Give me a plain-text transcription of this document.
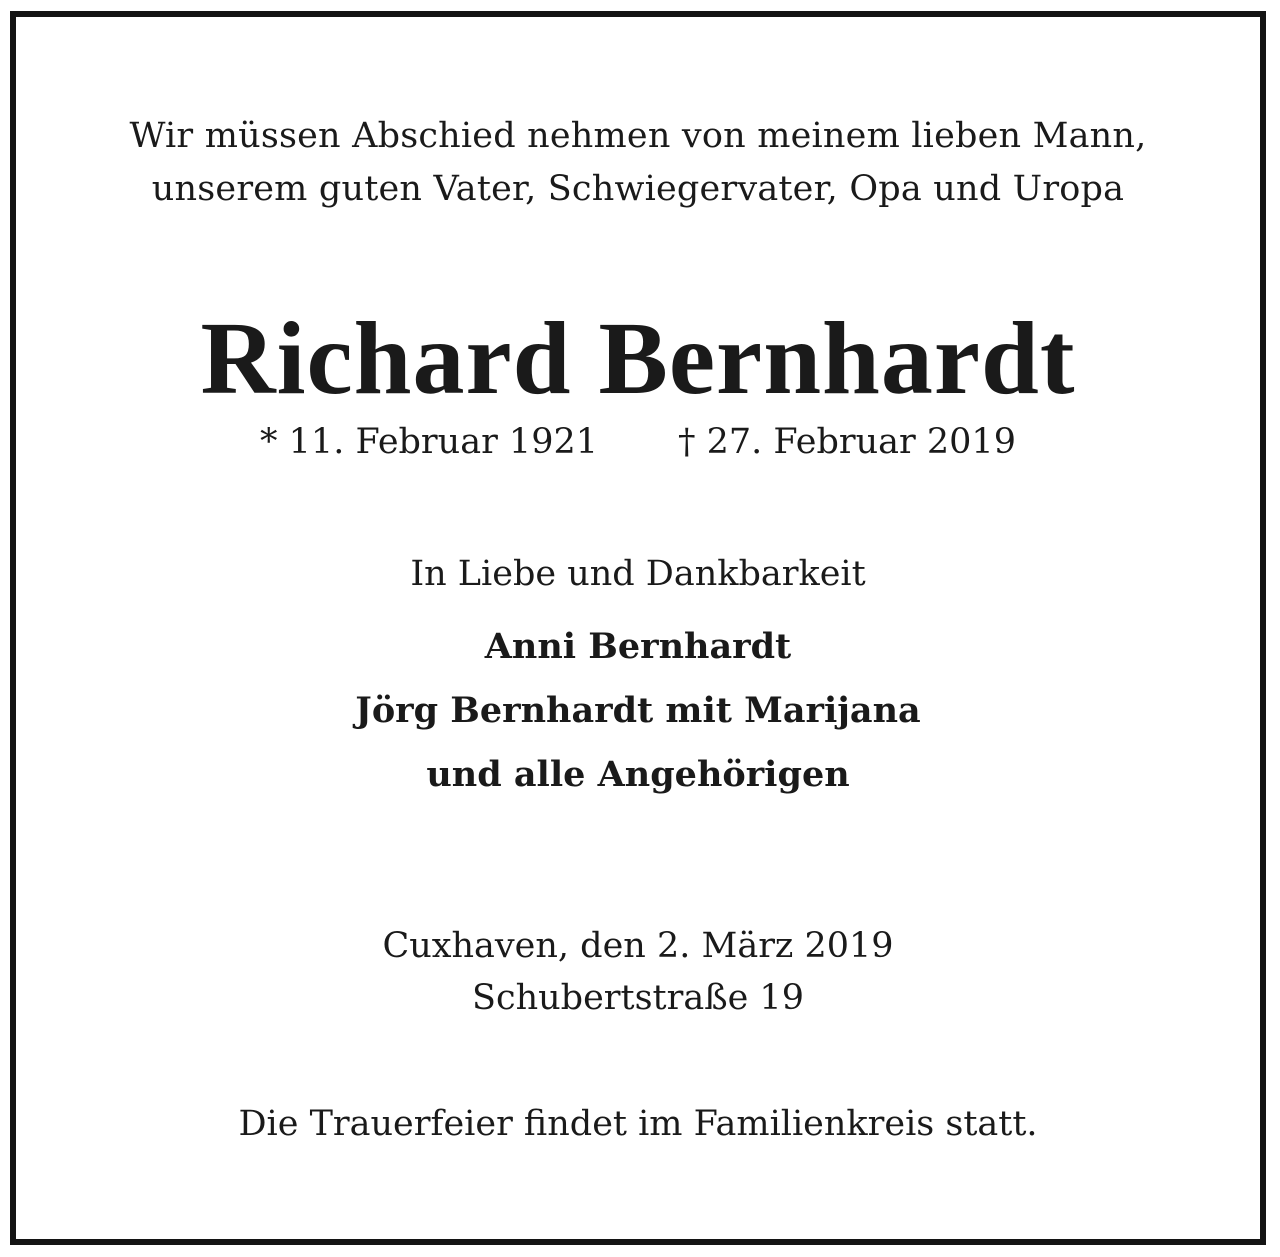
Wir müssen Abschied nehmen von meinem lieben Mann,
unserem guten Vater, Schwiegervater, Opa und Uropa
Richard Bernhardt
* 11. Februar 1921 † 27. Februar 2019
In Liebe und Dankbarkeit
Anni Bernhardt
Jörg Bernhardt mit Marijana
und alle Angehörigen
Cuxhaven, den 2. März 2019
Schubertstraße 19
Die Trauerfeier findet im Familienkreis statt.
